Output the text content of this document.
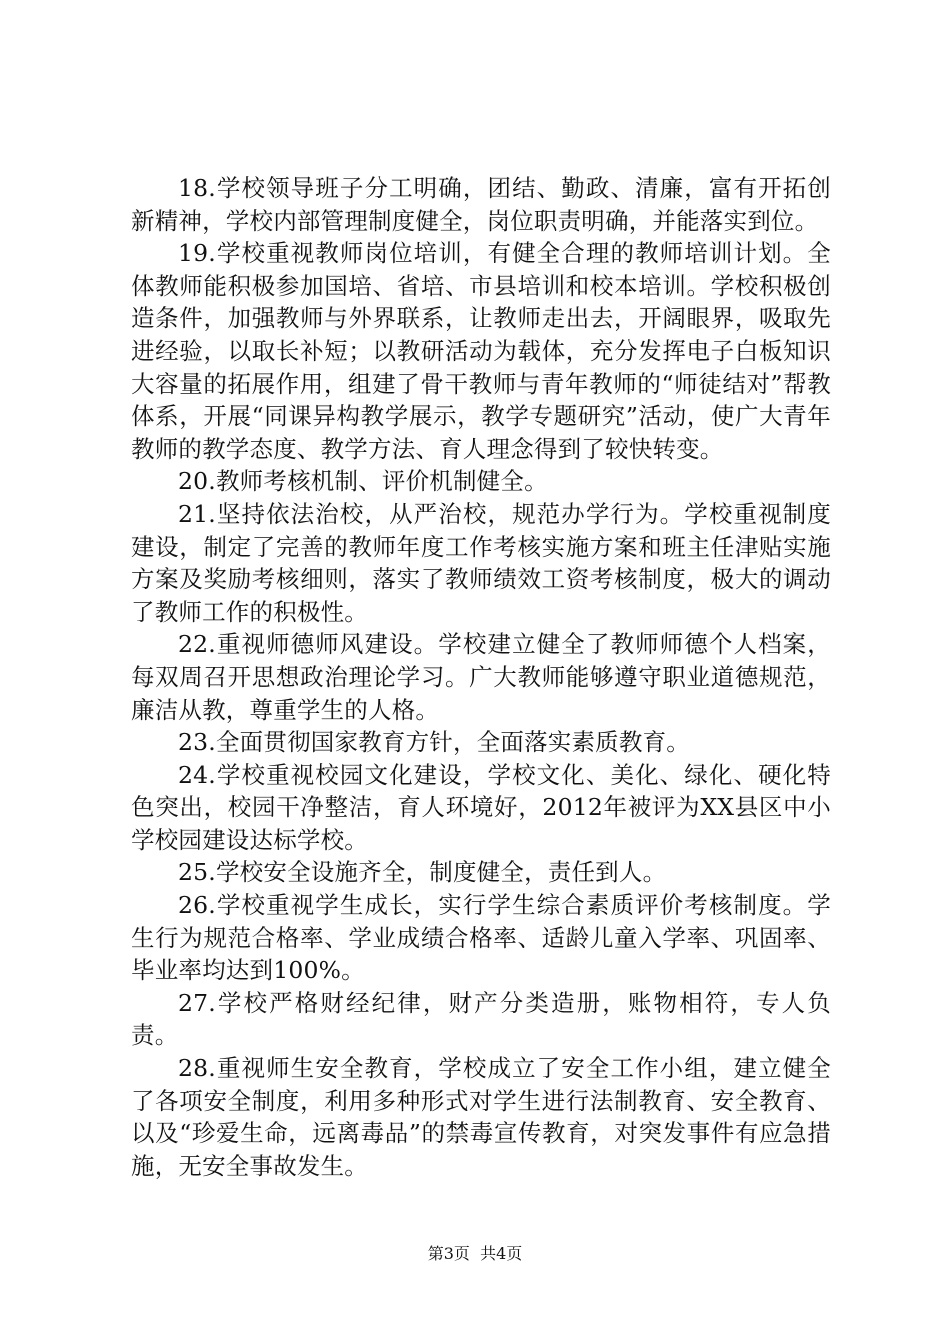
18.学校领导班子分工明确，团结、勤政、清廉，富有开拓创新精神，学校内部管理制度健全，岗位职责明确，并能落实到位。

19.学校重视教师岗位培训，有健全合理的教师培训计划。全体教师能积极参加国培、省培、市县培训和校本培训。学校积极创造条件，加强教师与外界联系，让教师走出去，开阔眼界，吸取先进经验，以取长补短；以教研活动为载体，充分发挥电子白板知识大容量的拓展作用，组建了骨干教师与青年教师的“师徒结对”帮教体系，开展“同课异构教学展示，教学专题研究”活动，使广大青年教师的教学态度、教学方法、育人理念得到了较快转变。

20.教师考核机制、评价机制健全。

21.坚持依法治校，从严治校，规范办学行为。学校重视制度建设，制定了完善的教师年度工作考核实施方案和班主任津贴实施方案及奖励考核细则，落实了教师绩效工资考核制度，极大的调动了教师工作的积极性。

22.重视师德师风建设。学校建立健全了教师师德个人档案，每双周召开思想政治理论学习。广大教师能够遵守职业道德规范，廉洁从教，尊重学生的人格。

23.全面贯彻国家教育方针，全面落实素质教育。

24.学校重视校园文化建设，学校文化、美化、绿化、硬化特色突出，校园干净整洁，育人环境好，2012年被评为XX县区中小学校园建设达标学校。

25.学校安全设施齐全，制度健全，责任到人。

26.学校重视学生成长，实行学生综合素质评价考核制度。学生行为规范合格率、学业成绩合格率、适龄儿童入学率、巩固率、毕业率均达到100%。

27.学校严格财经纪律，财产分类造册，账物相符，专人负责。

28.重视师生安全教育，学校成立了安全工作小组，建立健全了各项安全制度，利用多种形式对学生进行法制教育、安全教育、以及“珍爱生命，远离毒品”的禁毒宣传教育，对突发事件有应急措施，无安全事故发生。

第3页 共4页
